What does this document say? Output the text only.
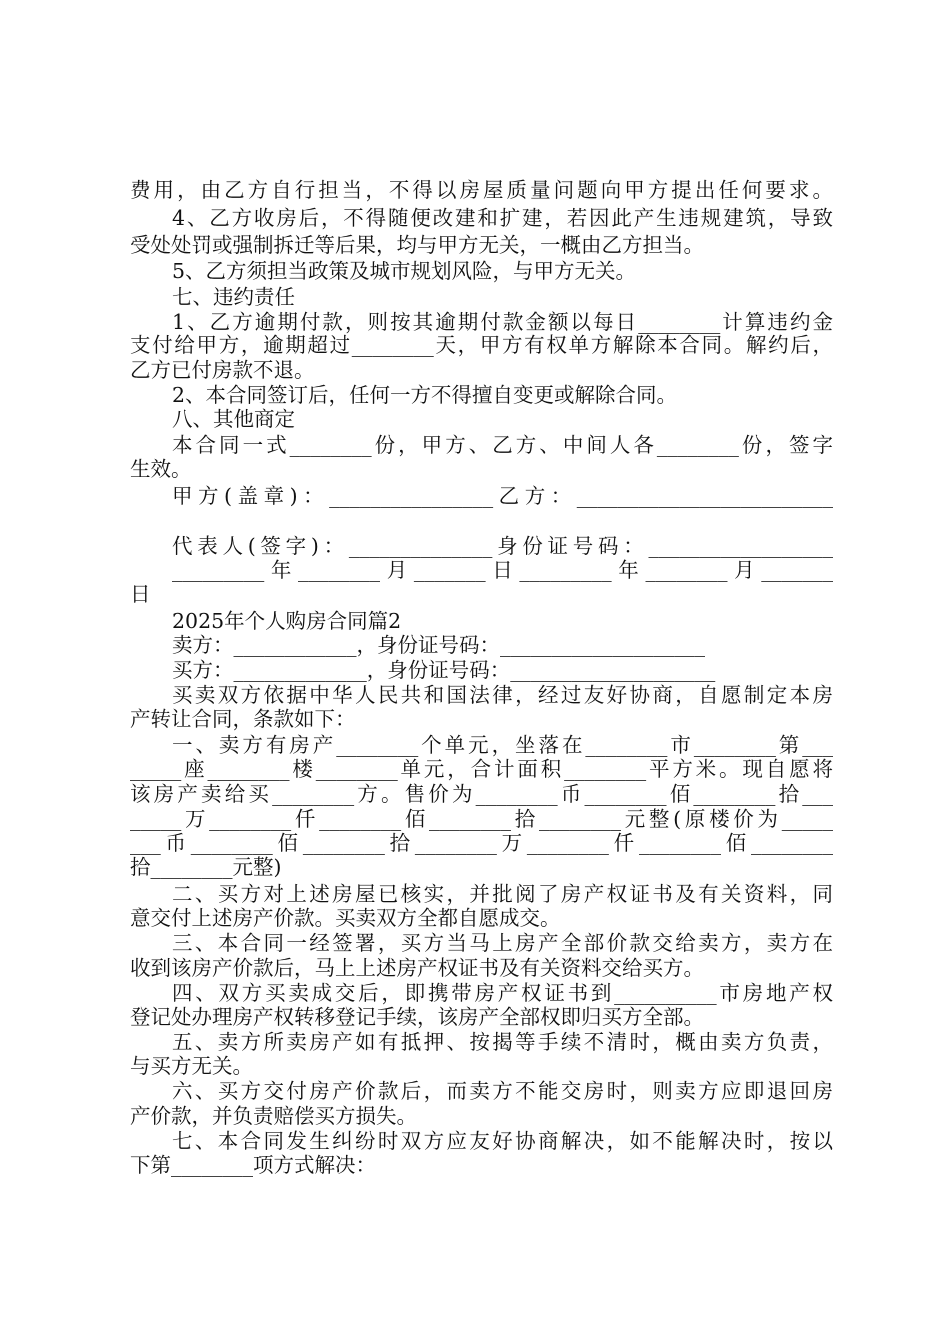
费用，由乙方自行担当，不得以房屋质量问题向甲方提出任何要求。
4、乙方收房后，不得随便改建和扩建，若因此产生违规建筑，导致
受处处罚或强制拆迁等后果，均与甲方无关，一概由乙方担当。
5、乙方须担当政策及城市规划风险，与甲方无关。
七、违约责任
1、乙方逾期付款，则按其逾期付款金额以每日________计算违约金
支付给甲方，逾期超过________天，甲方有权单方解除本合同。解约后，
乙方已付房款不退。
2、本合同签订后，任何一方不得擅自变更或解除合同。
八、其他商定
本合同一式________份，甲方、乙方、中间人各________份，签字
生效。
甲方(盖章)：________________乙方：_________________________
代表人(签字)：______________身份证号码：__________________
_________年________月_______日_________年________月_______
日
2025年个人购房合同篇2
卖方：____________，身份证号码：____________________
买方：_____________，身份证号码：____________________
买卖双方依据中华人民共和国法律，经过友好协商，自愿制定本房
产转让合同，条款如下：
一、卖方有房产________个单元，坐落在________市________第___
_____座________楼________单元，合计面积________平方米。现自愿将
该房产卖给买________方。售价为________币________佰________拾___
_____万________仟________佰________拾________元整(原楼价为_____
___币________佰________拾________万________仟________佰________
拾________元整)
二、买方对上述房屋已核实，并批阅了房产权证书及有关资料，同
意交付上述房产价款。买卖双方全都自愿成交。
三、本合同一经签署，买方当马上房产全部价款交给卖方，卖方在
收到该房产价款后，马上上述房产权证书及有关资料交给买方。
四、双方买卖成交后，即携带房产权证书到__________市房地产权
登记处办理房产权转移登记手续，该房产全部权即归买方全部。
五、卖方所卖房产如有抵押、按揭等手续不清时，概由卖方负责，
与买方无关。
六、买方交付房产价款后，而卖方不能交房时，则卖方应即退回房
产价款，并负责赔偿买方损失。
七、本合同发生纠纷时双方应友好协商解决，如不能解决时，按以
下第________项方式解决：
